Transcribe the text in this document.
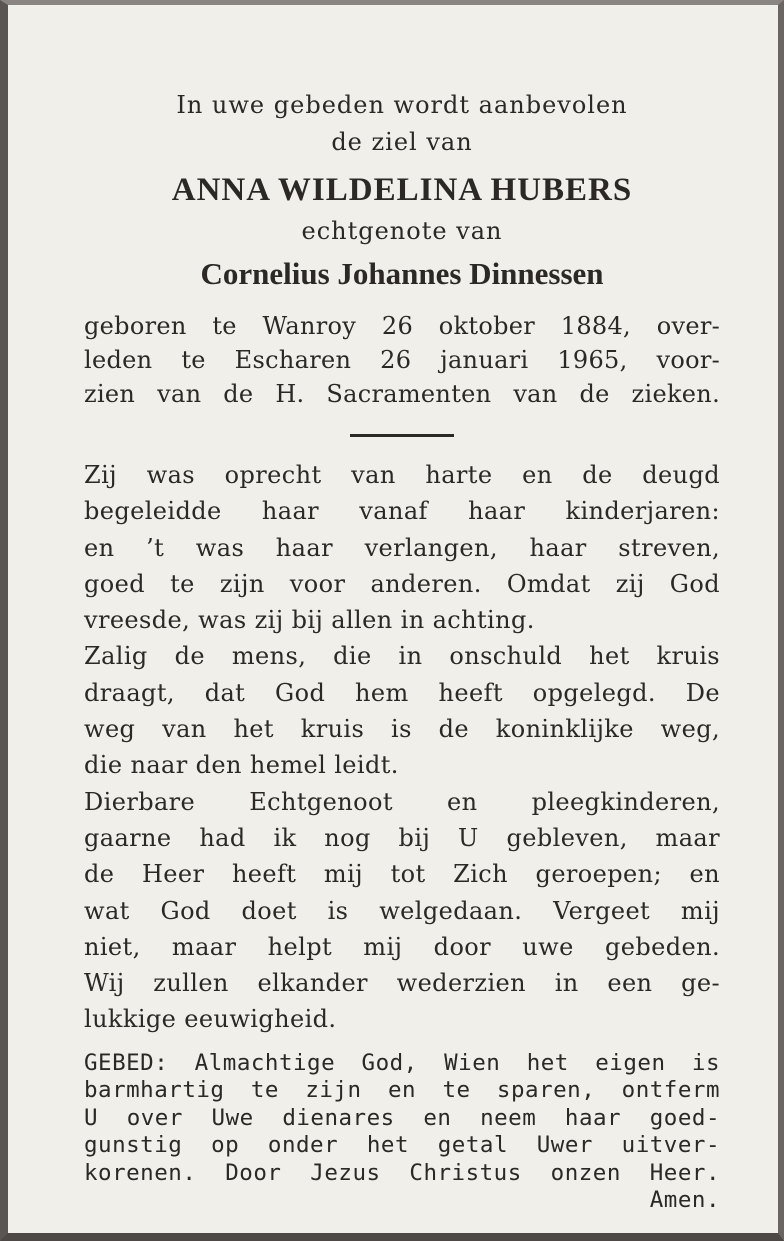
In uwe gebeden wordt aanbevolen

de ziel van

ANNA WILDELINA HUBERS
echtgenote van
Cornelius Johannes Dinnessen
geboren te Wanroy 26 oktober 1884, over-
leden te Escharen 26 januari 1965, voor-
zien van de H. Sacramenten van de zieken.
Zij was oprecht van harte en de deugd
begeleidde haar vanaf haar kinderjaren:
en ’t was haar verlangen, haar streven,
goed te zijn voor anderen. Omdat zij God
vreesde, was zij bij allen in achting.
Zalig de mens, die in onschuld het kruis
draagt, dat God hem heeft opgelegd. De
weg van het kruis is de koninklijke weg,
die naar den hemel leidt.
Dierbare Echtgenoot en pleegkinderen,
gaarne had ik nog bij U gebleven, maar
de Heer heeft mij tot Zich geroepen; en
wat God doet is welgedaan. Vergeet mij
niet, maar helpt mij door uwe gebeden.
Wij zullen elkander wederzien in een ge-
lukkige eeuwigheid.
GEBED: Almachtige God, Wien het eigen is
barmhartig te zijn en te sparen, ontferm
U over Uwe dienares en neem haar goed-
gunstig op onder het getal Uwer uitver-
korenen. Door Jezus Christus onzen Heer.
Amen.
